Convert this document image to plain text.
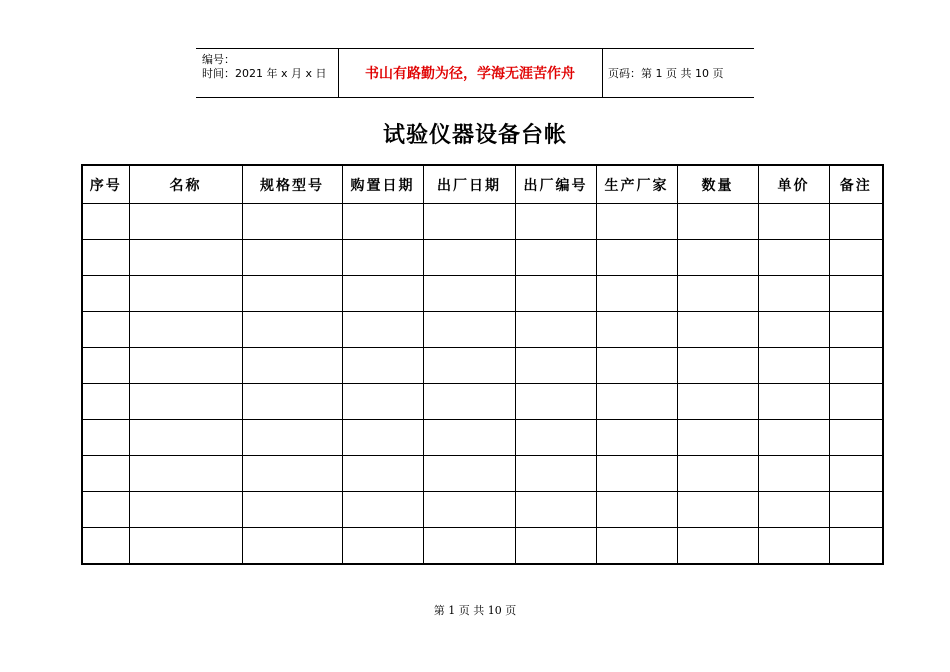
编号：
时间：2021 年 x 月 x 日	书山有路勤为径，学海无涯苦作舟	页码：第 1 页 共 10 页
试验仪器设备台帐
序号	名称	规格型号	购置日期	出厂日期	出厂编号	生产厂家	数量	单价	备注

第 1 页 共 10 页
